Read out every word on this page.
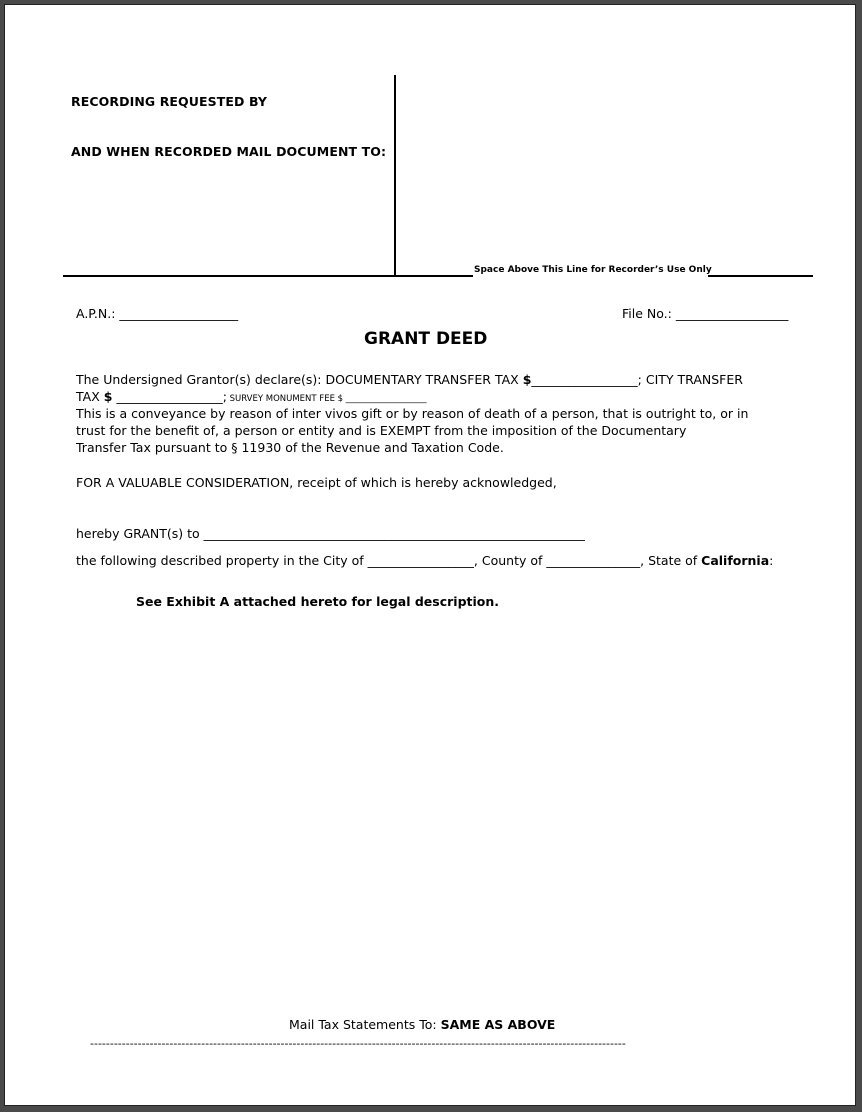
RECORDING REQUESTED BY
AND WHEN RECORDED MAIL DOCUMENT TO:
Space Above This Line for Recorder’s Use Only
A.P.N.: ___________________	File No.: __________________
GRANT DEED
The Undersigned Grantor(s) declare(s): DOCUMENTARY TRANSFER TAX $_________________; CITY TRANSFER
TAX $ _________________; SURVEY MONUMENT FEE $ ___________________
This is a conveyance by reason of inter vivos gift or by reason of death of a person, that is outright to, or in
trust for the benefit of, a person or entity and is EXEMPT from the imposition of the Documentary
Transfer Tax pursuant to § 11930 of the Revenue and Taxation Code.
FOR A VALUABLE CONSIDERATION, receipt of which is hereby acknowledged,
hereby GRANT(s) to _____________________________________________________________
the following described property in the City of _________________, County of _______________, State of California:
See Exhibit A attached hereto for legal description.
Mail Tax Statements To: SAME AS ABOVE
---------------------------------------------------------------------------------------------------------------------------------------
